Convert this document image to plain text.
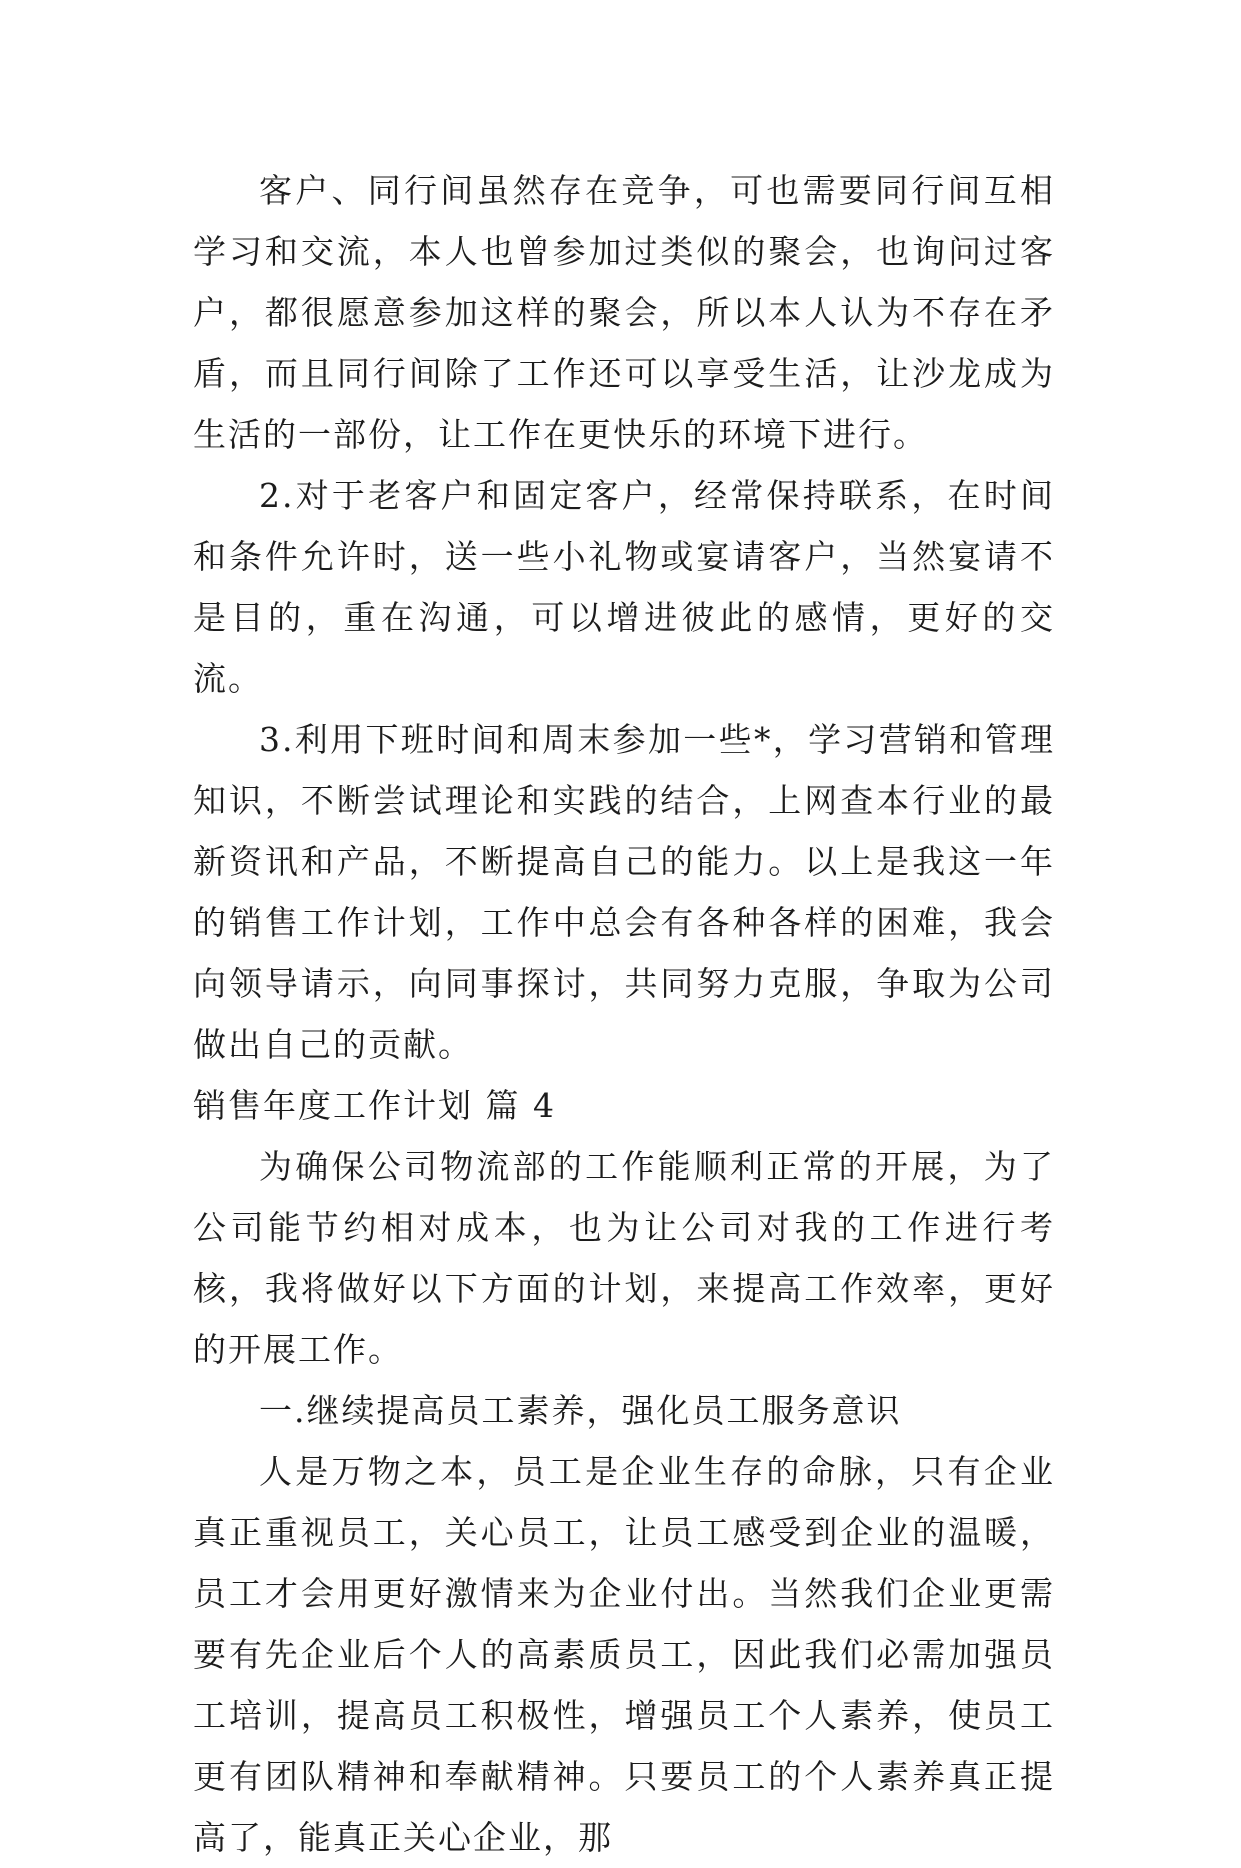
客户、同行间虽然存在竞争，可也需要同行间互相学习和交流，本人也曾参加过类似的聚会，也询问过客户，都很愿意参加这样的聚会，所以本人认为不存在矛盾，而且同行间除了工作还可以享受生活，让沙龙成为生活的一部份，让工作在更快乐的环境下进行。

2.对于老客户和固定客户，经常保持联系，在时间和条件允许时，送一些小礼物或宴请客户，当然宴请不是目的，重在沟通，可以增进彼此的感情，更好的交流。

3.利用下班时间和周末参加一些*，学习营销和管理知识，不断尝试理论和实践的结合，上网查本行业的最新资讯和产品，不断提高自己的能力。以上是我这一年的销售工作计划，工作中总会有各种各样的困难，我会向领导请示，向同事探讨，共同努力克服，争取为公司做出自己的贡献。

销售年度工作计划 篇 4

为确保公司物流部的工作能顺利正常的开展，为了公司能节约相对成本，也为让公司对我的工作进行考核，我将做好以下方面的计划，来提高工作效率，更好的开展工作。

一.继续提高员工素养，强化员工服务意识

人是万物之本，员工是企业生存的命脉，只有企业真正重视员工，关心员工，让员工感受到企业的温暖，员工才会用更好激情来为企业付出。当然我们企业更需要有先企业后个人的高素质员工，因此我们必需加强员工培训，提高员工积极性，增强员工个人素养，使员工更有团队精神和奉献精神。只要员工的个人素养真正提高了，能真正关心企业，那
